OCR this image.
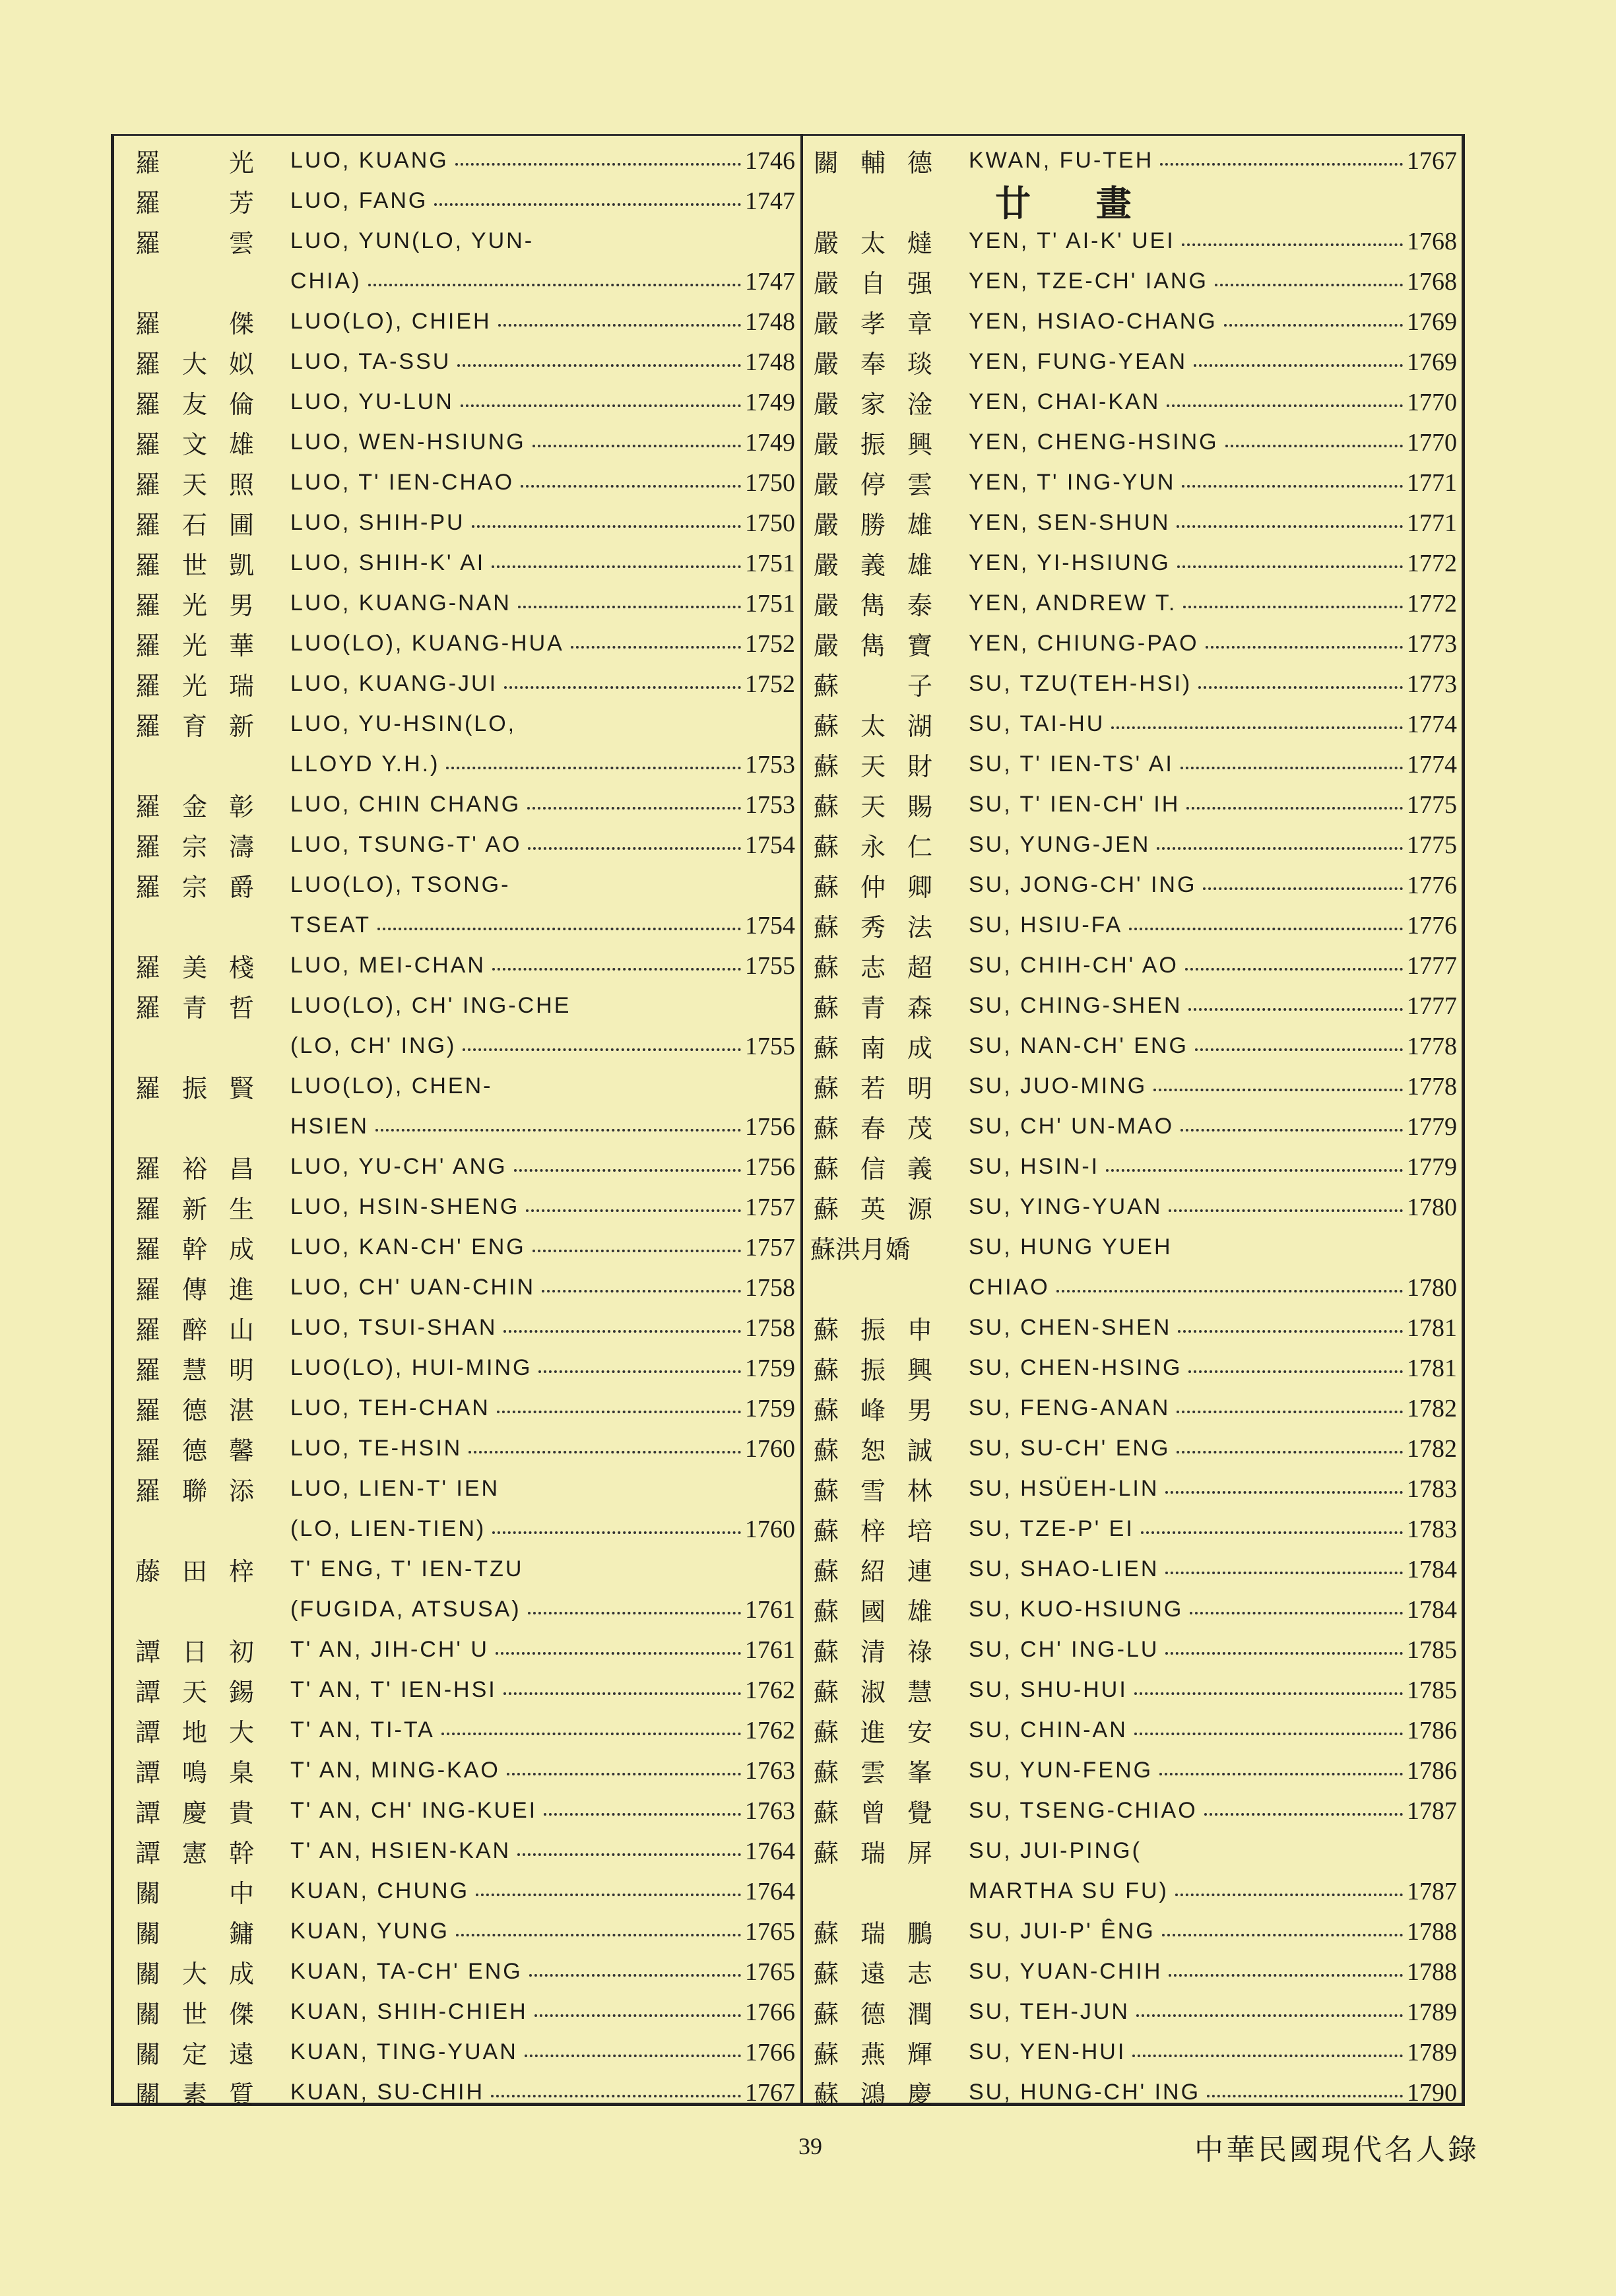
羅	光 LUO, KUANG	1746
羅	芳 LUO, FANG	1747
羅	雲 LUO, YUN(LO, YUN-
CHIA)	1747
羅	傑 LUO(LO), CHIEH	1748
羅 大 姒 LUO, TA-SSU	1748
羅 友 倫 LUO, YU-LUN	1749
羅 文 雄 LUO, WEN-HSIUNG	1749
羅 天 照 LUO, T' IEN-CHAO	1750
羅 石 圃 LUO, SHIH-PU	1750
羅 世 凱 LUO, SHIH-K' AI	1751
羅 光 男 LUO, KUANG-NAN	1751
羅 光 華 LUO(LO), KUANG-HUA	1752
羅 光 瑞 LUO, KUANG-JUI	1752
羅 育 新 LUO, YU-HSIN(LO,
LLOYD Y.H.)	1753
羅 金 彰 LUO, CHIN CHANG	1753
羅 宗 濤 LUO, TSUNG-T' AO	1754
羅 宗 爵 LUO(LO), TSONG-
TSEAT	1754
羅 美 棧 LUO, MEI-CHAN	1755
羅 青 哲 LUO(LO), CH' ING-CHE
(LO, CH' ING)	1755
羅 振 賢 LUO(LO), CHEN-
HSIEN	1756
羅 裕 昌 LUO, YU-CH' ANG	1756
羅 新 生 LUO, HSIN-SHENG	1757
羅 幹 成 LUO, KAN-CH' ENG	1757
羅 傳 進 LUO, CH' UAN-CHIN	1758
羅 醉 山 LUO, TSUI-SHAN	1758
羅 慧 明 LUO(LO), HUI-MING	1759
羅 德 湛 LUO, TEH-CHAN	1759
羅 德 馨 LUO, TE-HSIN	1760
羅 聯 添 LUO, LIEN-T' IEN
(LO, LIEN-TIEN)	1760
藤 田 梓 T' ENG, T' IEN-TZU
(FUGIDA, ATSUSA)	1761
譚 日 初 T' AN, JIH-CH' U	1761
譚 天 錫 T' AN, T' IEN-HSI	1762
譚 地 大 T' AN, TI-TA	1762
譚 鳴 臬 T' AN, MING-KAO	1763
譚 慶 貴 T' AN, CH' ING-KUEI	1763
譚 憲 幹 T' AN, HSIEN-KAN	1764
關	中 KUAN, CHUNG	1764
關	鏞 KUAN, YUNG	1765
關 大 成 KUAN, TA-CH' ENG	1765
關 世 傑 KUAN, SHIH-CHIEH	1766
關 定 遠 KUAN, TING-YUAN	1766
關 素 質 KUAN, SU-CHIH	1767
關 輔 德 KWAN, FU-TEH	1767
廿 畫
嚴 太 燵 YEN, T' AI-K' UEI	1768
嚴 自 强 YEN, TZE-CH' IANG	1768
嚴 孝 章 YEN, HSIAO-CHANG	1769
嚴 奉 琰 YEN, FUNG-YEAN	1769
嚴 家 淦 YEN, CHAI-KAN	1770
嚴 振 興 YEN, CHENG-HSING	1770
嚴 停 雲 YEN, T' ING-YUN	1771
嚴 勝 雄 YEN, SEN-SHUN	1771
嚴 義 雄 YEN, YI-HSIUNG	1772
嚴 雋 泰 YEN, ANDREW T.	1772
嚴 雋 寶 YEN, CHIUNG-PAO	1773
蘇	子 SU, TZU(TEH-HSI)	1773
蘇 太 湖 SU, TAI-HU	1774
蘇 天 財 SU, T' IEN-TS' AI	1774
蘇 天 賜 SU, T' IEN-CH' IH	1775
蘇 永 仁 SU, YUNG-JEN	1775
蘇 仲 卿 SU, JONG-CH' ING	1776
蘇 秀 法 SU, HSIU-FA	1776
蘇 志 超 SU, CHIH-CH' AO	1777
蘇 青 森 SU, CHING-SHEN	1777
蘇 南 成 SU, NAN-CH' ENG	1778
蘇 若 明 SU, JUO-MING	1778
蘇 春 茂 SU, CH' UN-MAO	1779
蘇 信 義 SU, HSIN-I	1779
蘇 英 源 SU, YING-YUAN	1780
蘇洪月嬌	SU, HUNG YUEH
CHIAO	1780
蘇 振 申 SU, CHEN-SHEN	1781
蘇 振 興 SU, CHEN-HSING	1781
蘇 峰 男 SU, FENG-ANAN	1782
蘇 恕 誠 SU, SU-CH' ENG	1782
蘇 雪 林 SU, HSÜEH-LIN	1783
蘇 梓 培 SU, TZE-P' EI	1783
蘇 紹 連 SU, SHAO-LIEN	1784
蘇 國 雄 SU, KUO-HSIUNG	1784
蘇 清 祿 SU, CH' ING-LU	1785
蘇 淑 慧 SU, SHU-HUI	1785
蘇 進 安 SU, CHIN-AN	1786
蘇 雲 峯 SU, YUN-FENG	1786
蘇 曾 覺 SU, TSENG-CHIAO	1787
蘇 瑞 屏 SU, JUI-PING(
MARTHA SU FU)	1787
蘇 瑞 鵬 SU, JUI-P' ÊNG	1788
蘇 遠 志 SU, YUAN-CHIH	1788
蘇 德 潤 SU, TEH-JUN	1789
蘇 燕 輝 SU, YEN-HUI	1789
蘇 鴻 慶 SU, HUNG-CH' ING	1790
39	中華民國現代名人錄
